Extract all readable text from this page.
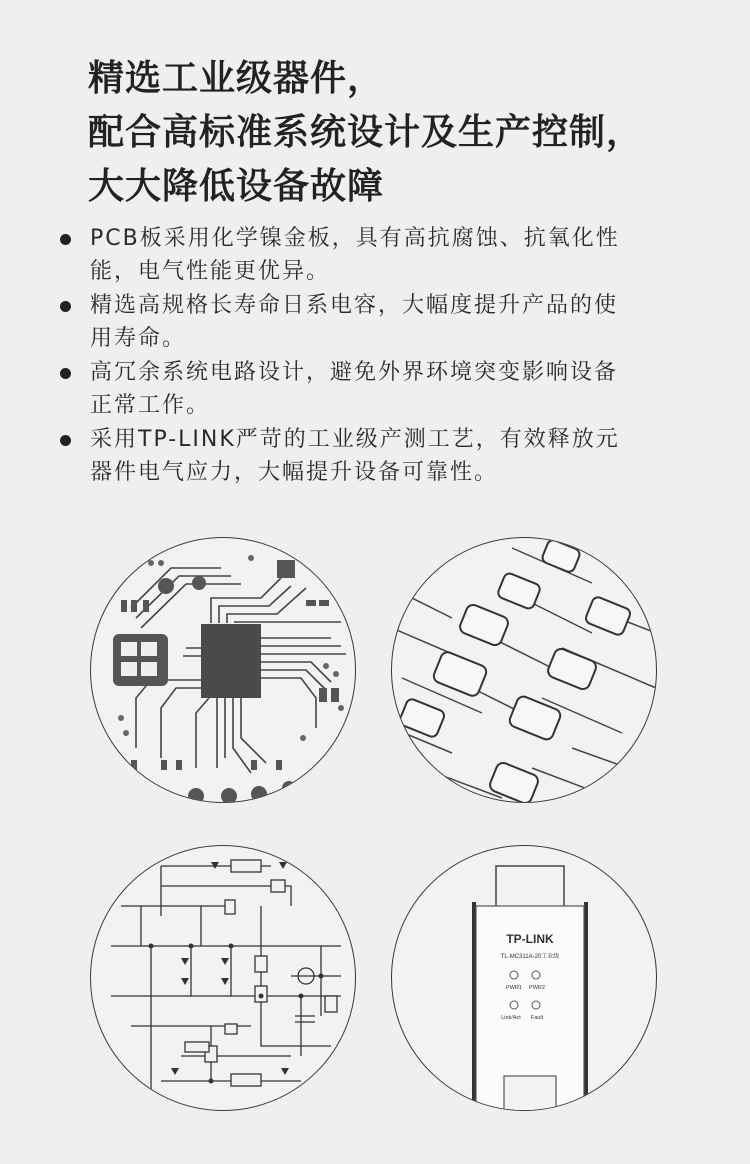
精选工业级器件，
配合高标准系统设计及生产控制，
大大降低设备故障
PCB板采用化学镍金板，具有高抗腐蚀、抗氧化性
能，电气性能更优异。
精选高规格长寿命日系电容，大幅度提升产品的使
用寿命。
高冗余系统电路设计，避免外界环境突变影响设备
正常工作。
采用TP-LINK严苛的工业级产测工艺，有效释放元
器件电气应力，大幅提升设备可靠性。
TP-LINK
TL-MC311A-20工业级
PWR1 PWR2
Link/Act Fault
